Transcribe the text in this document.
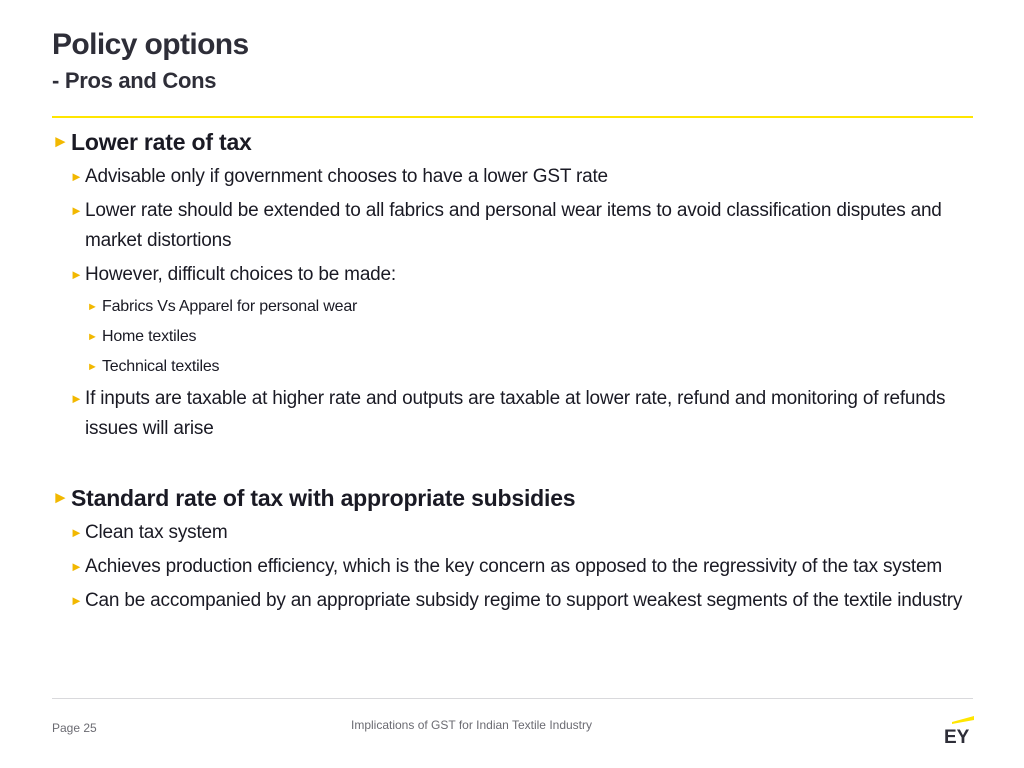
Policy options
- Pros and Cons
► Lower rate of tax
► Advisable only if government chooses to have a lower GST rate
► Lower rate should be extended to all fabrics and personal wear items to avoid classification disputes and market distortions
► However, difficult choices to be made:
► Fabrics Vs Apparel for personal wear
► Home textiles
► Technical textiles
► If inputs are taxable at higher rate and outputs are taxable at lower rate, refund and monitoring of refunds issues will arise
► Standard rate of tax with appropriate subsidies
► Clean tax system
► Achieves production efficiency, which is the key concern as opposed to the regressivity of the tax system
► Can be accompanied by an appropriate subsidy regime to support weakest segments of the textile industry
Page 25	Implications of GST for Indian Textile Industry
EY
